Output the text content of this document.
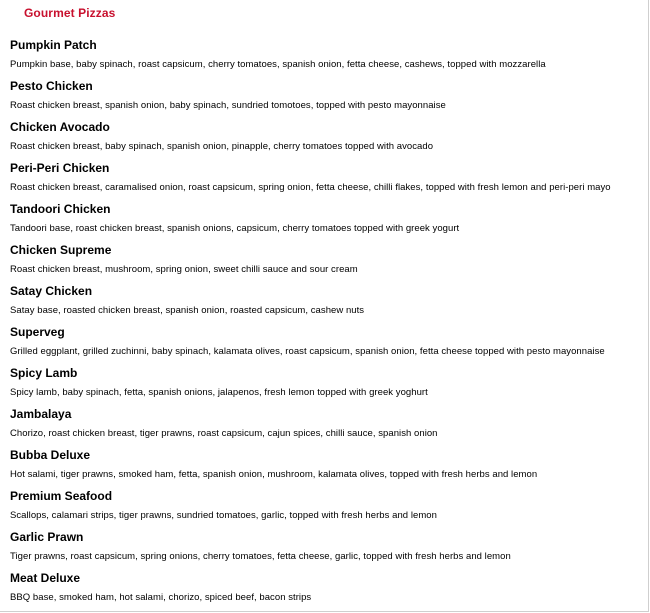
Gourmet Pizzas
Pumpkin Patch
Pumpkin base, baby spinach, roast capsicum, cherry tomatoes, spanish onion, fetta cheese, cashews, topped with mozzarella
Pesto Chicken
Roast chicken breast, spanish onion, baby spinach, sundried tomotoes, topped with pesto mayonnaise
Chicken Avocado
Roast chicken breast, baby spinach, spanish onion, pinapple, cherry tomatoes topped with avocado
Peri-Peri Chicken
Roast chicken breast, caramalised onion, roast capsicum, spring onion, fetta cheese, chilli flakes, topped with fresh lemon and peri-peri mayo
Tandoori Chicken
Tandoori base, roast chicken breast, spanish onions, capsicum, cherry tomatoes topped with greek yogurt
Chicken Supreme
Roast chicken breast, mushroom, spring onion, sweet chilli sauce and sour cream
Satay Chicken
Satay base, roasted chicken breast, spanish onion, roasted capsicum, cashew nuts
Superveg
Grilled eggplant, grilled zuchinni, baby spinach, kalamata olives, roast capsicum, spanish onion, fetta cheese topped with pesto mayonnaise
Spicy Lamb
Spicy lamb, baby spinach, fetta, spanish onions, jalapenos, fresh lemon topped with greek yoghurt
Jambalaya
Chorizo, roast chicken breast, tiger prawns, roast capsicum, cajun spices, chilli sauce, spanish onion
Bubba Deluxe
Hot salami, tiger prawns, smoked ham, fetta, spanish onion, mushroom, kalamata olives, topped with fresh herbs and lemon
Premium Seafood
Scallops, calamari strips, tiger prawns, sundried tomatoes, garlic, topped with fresh herbs and lemon
Garlic Prawn
Tiger prawns, roast capsicum, spring onions, cherry tomatoes, fetta cheese, garlic, topped with fresh herbs and lemon
Meat Deluxe
BBQ base, smoked ham, hot salami, chorizo, spiced beef, bacon strips
